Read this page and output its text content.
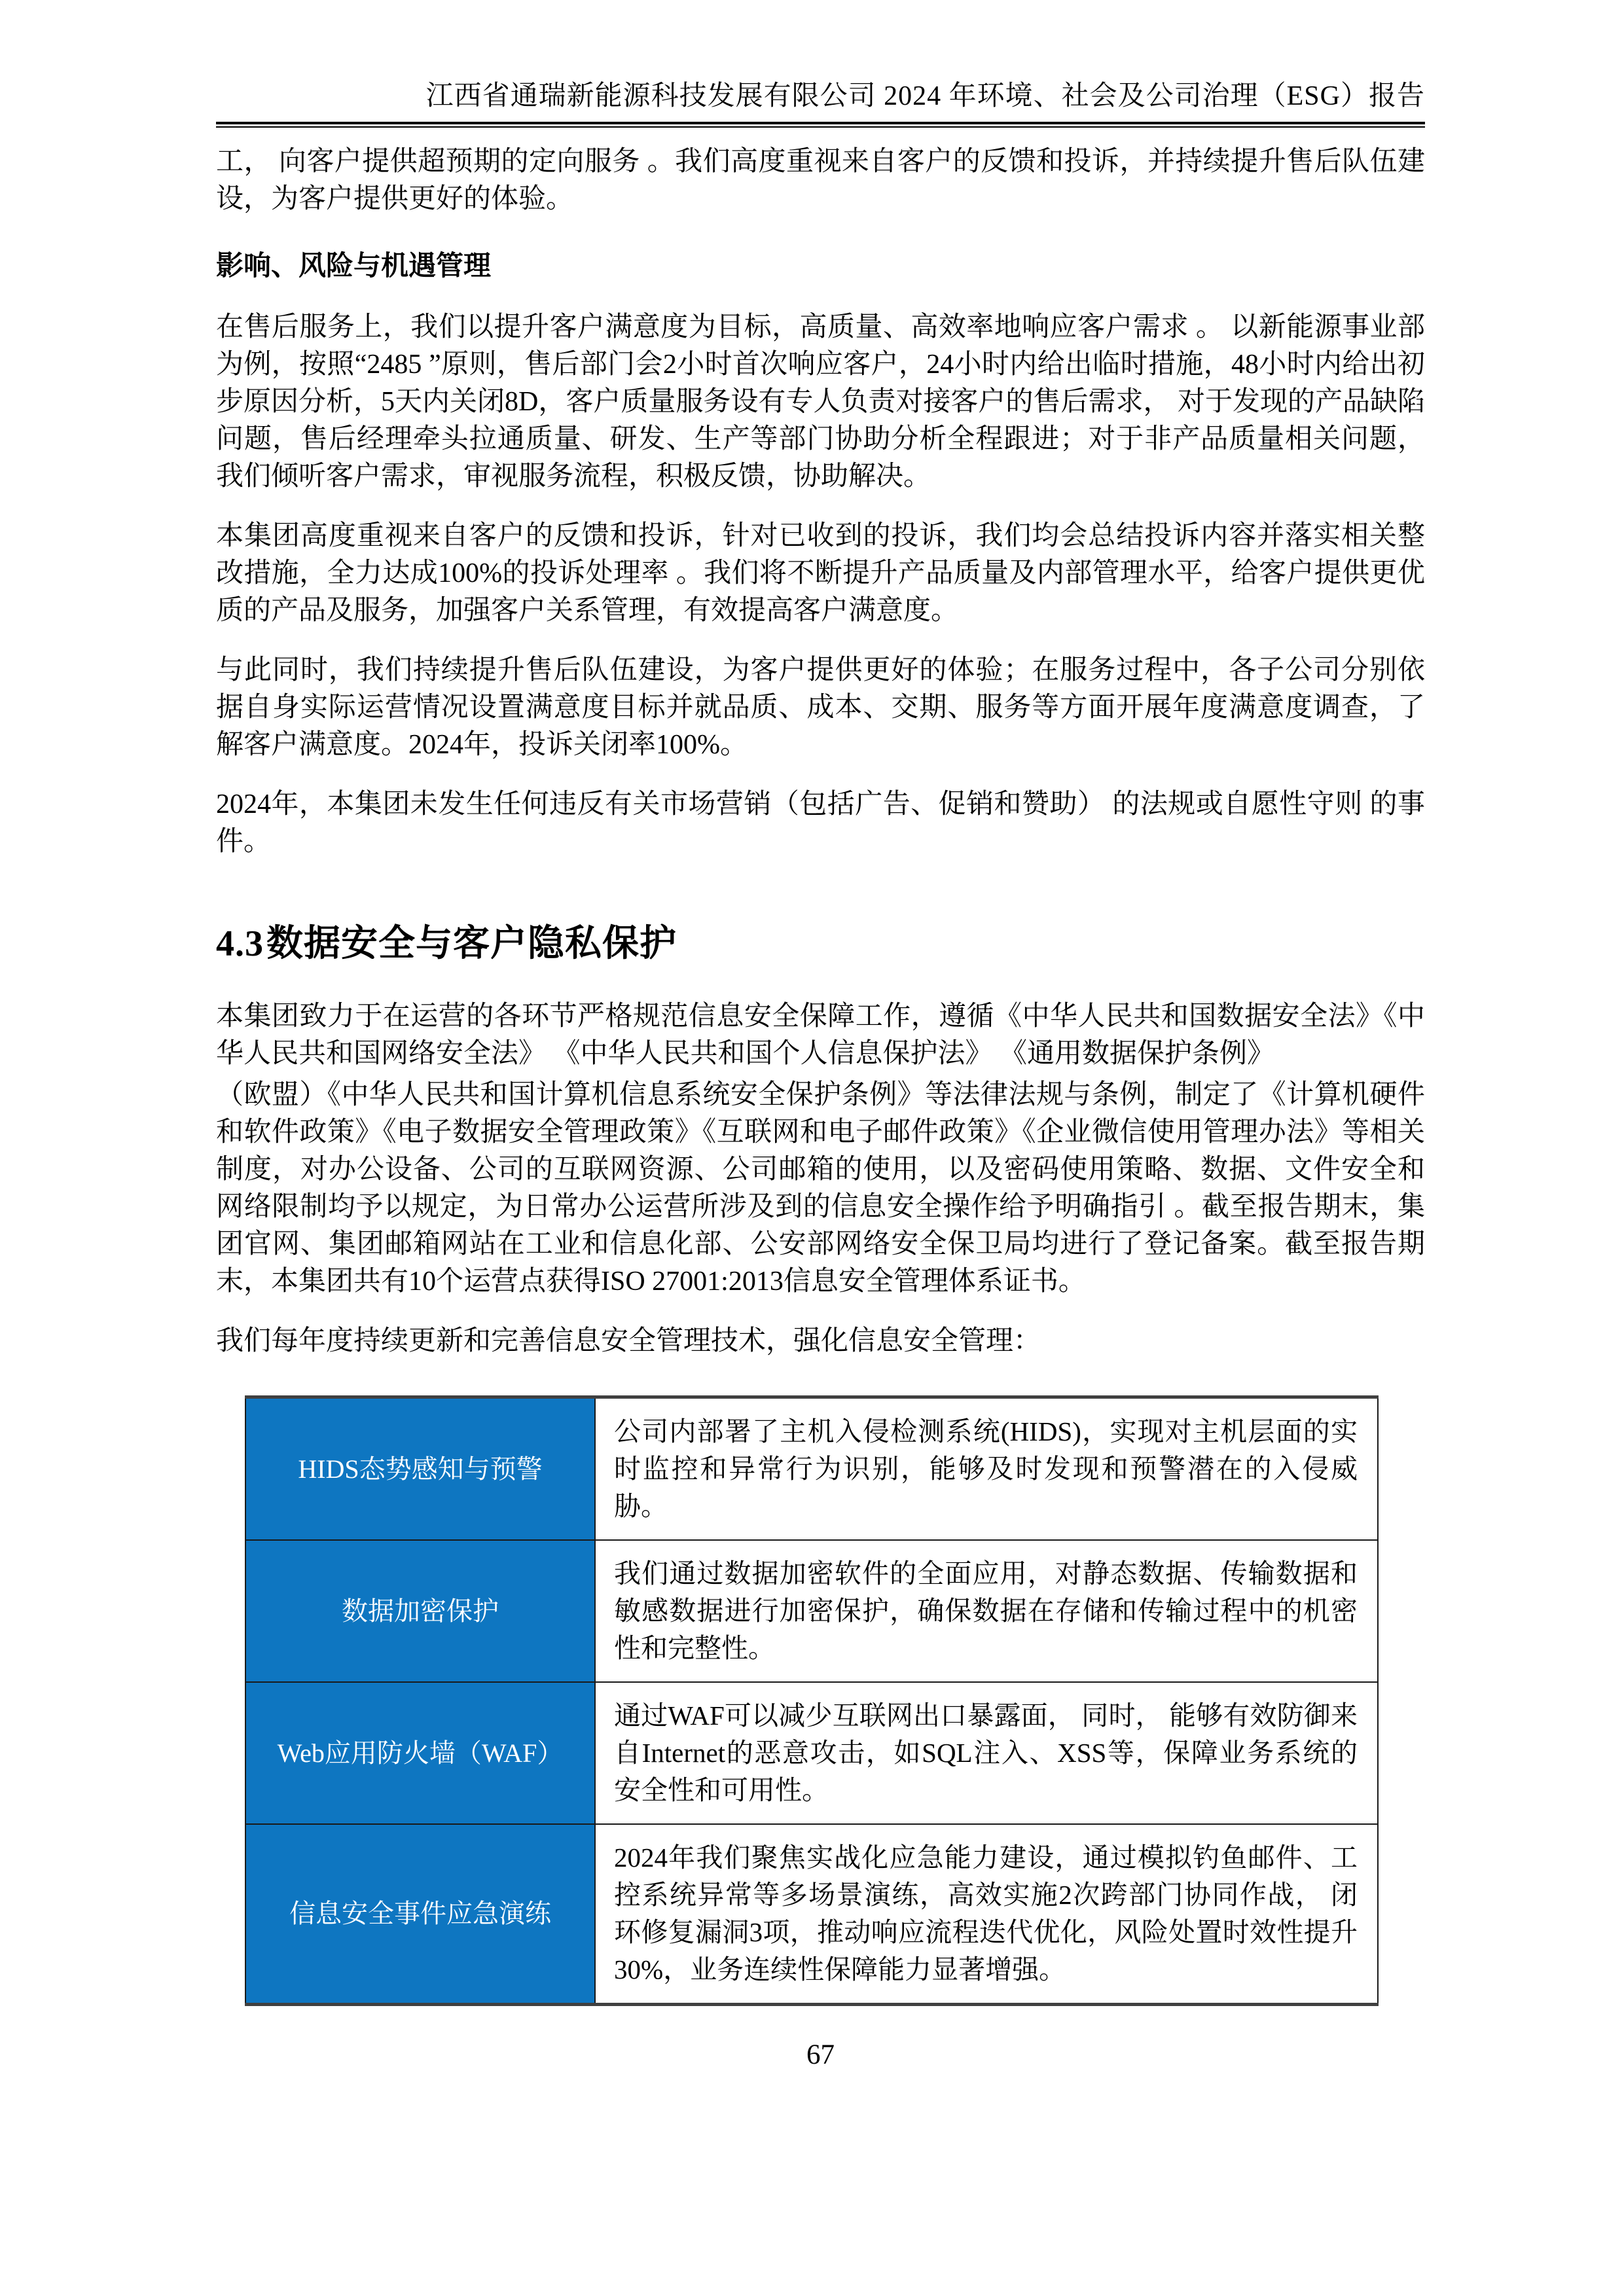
江西省通瑞新能源科技发展有限公司 2024 年环境、社会及公司治理（ESG）报告

工， 向客户提供超预期的定向服务 。我们高度重视来自客户的反馈和投诉，并持续提升售后队伍建设，为客户提供更好的体验。

影响、风险与机遇管理

在售后服务上，我们以提升客户满意度为目标，高质量、高效率地响应客户需求 。 以新能源事业部为例，按照“2485 ”原则，售后部门会2小时首次响应客户，24小时内给出临时措施，48小时内给出初步原因分析，5天内关闭8D，客户质量服务设有专人负责对接客户的售后需求， 对于发现的产品缺陷问题，售后经理牵头拉通质量、研发、生产等部门协助分析全程跟进；对于非产品质量相关问题，我们倾听客户需求，审视服务流程，积极反馈，协助解决。

本集团高度重视来自客户的反馈和投诉，针对已收到的投诉，我们均会总结投诉内容并落实相关整改措施，全力达成100%的投诉处理率 。我们将不断提升产品质量及内部管理水平，给客户提供更优质的产品及服务，加强客户关系管理，有效提高客户满意度。

与此同时，我们持续提升售后队伍建设，为客户提供更好的体验；在服务过程中，各子公司分别依据自身实际运营情况设置满意度目标并就品质、成本、交期、服务等方面开展年度满意度调查，了解客户满意度。2024年，投诉关闭率100%。

2024年，本集团未发生任何违反有关市场营销（包括广告、促销和赞助） 的法规或自愿性守则 的事件。

4.3数据安全与客户隐私保护

本集团致力于在运营的各环节严格规范信息安全保障工作，遵循《中华人民共和国数据安全法》《中华人民共和国网络安全法》 《中华人民共和国个人信息保护法》 《通用数据保护条例》

（欧盟）《中华人民共和国计算机信息系统安全保护条例》等法律法规与条例，制定了《计算机硬件和软件政策》《电子数据安全管理政策》《互联网和电子邮件政策》《企业微信使用管理办法》等相关制度，对办公设备、公司的互联网资源、公司邮箱的使用，以及密码使用策略、数据、文件安全和网络限制均予以规定，为日常办公运营所涉及到的信息安全操作给予明确指引 。截至报告期末，集团官网、集团邮箱网站在工业和信息化部、公安部网络安全保卫局均进行了登记备案。截至报告期末，本集团共有10个运营点获得ISO 27001:2013信息安全管理体系证书。

我们每年度持续更新和完善信息安全管理技术，强化信息安全管理：

HIDS态势感知与预警	公司内部署了主机入侵检测系统(HIDS)，实现对主机层面的实时监控和异常行为识别，能够及时发现和预警潜在的入侵威胁。
数据加密保护	我们通过数据加密软件的全面应用，对静态数据、传输数据和敏感数据进行加密保护，确保数据在存储和传输过程中的机密性和完整性。
Web应用防火墙（WAF）	通过WAF可以减少互联网出口暴露面， 同时， 能够有效防御来自Internet的恶意攻击，如SQL注入、XSS等，保障业务系统的安全性和可用性。
信息安全事件应急演练	2024年我们聚焦实战化应急能力建设，通过模拟钓鱼邮件、工控系统异常等多场景演练，高效实施2次跨部门协同作战， 闭环修复漏洞3项，推动响应流程迭代优化，风险处置时效性提升30%，业务连续性保障能力显著增强。
67
